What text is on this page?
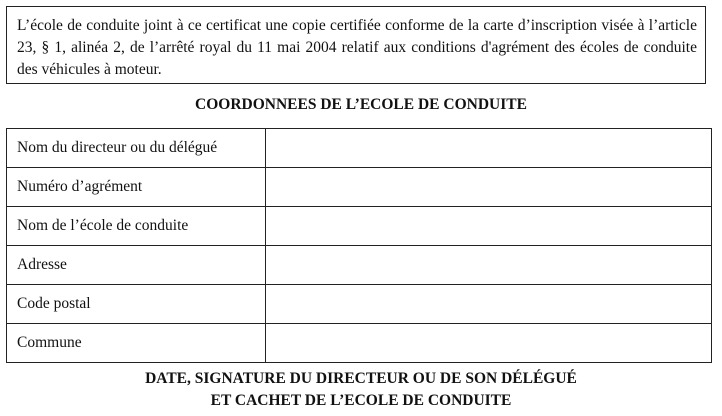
L’école de conduite joint à ce certificat une copie certifiée conforme de la carte d’inscription visée à l’article 23, § 1, alinéa 2, de l’arrêté royal du 11 mai 2004 relatif aux conditions d'agrément des écoles de conduite des véhicules à moteur.
COORDONNEES DE L’ECOLE DE CONDUITE
Nom du directeur ou du délégué	
Numéro d’agrément	
Nom de l’école de conduite	
Adresse	
Code postal	
Commune	
DATE, SIGNATURE DU DIRECTEUR OU DE SON DÉLÉGUÉ
ET CACHET DE L’ECOLE DE CONDUITE
